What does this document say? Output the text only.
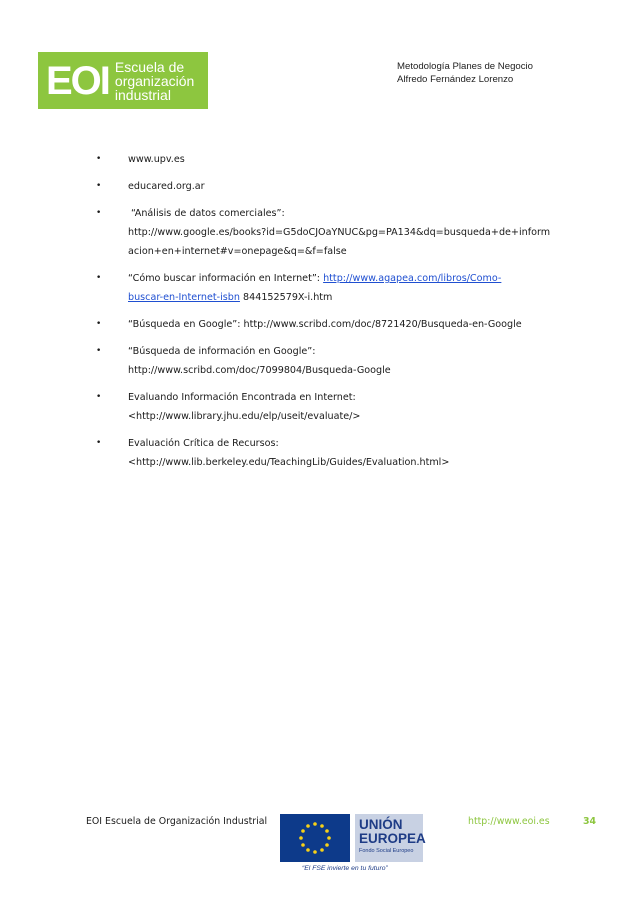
EOI Escuela de
organización
industrial
Metodología Planes de Negocio
Alfredo Fernández Lorenzo
•	www.upv.es
•	educared.org.ar
•	“Análisis de datos comerciales”:
http://www.google.es/books?id=G5doCJOaYNUC&pg=PA134&dq=busqueda+de+inform
acion+en+internet#v=onepage&q=&f=false
•	“Cómo buscar información en Internet”: http://www.agapea.com/libros/Como-
buscar-en-Internet-isbn 844152579X-i.htm
•	“Búsqueda en Google”: http://www.scribd.com/doc/8721420/Busqueda-en-Google
•	“Búsqueda de información en Google”:
http://www.scribd.com/doc/7099804/Busqueda-Google
•	Evaluando Información Encontrada en Internet:
<http://www.library.jhu.edu/elp/useit/evaluate/>
•	Evaluación Crítica de Recursos:
<http://www.lib.berkeley.edu/TeachingLib/Guides/Evaluation.html>
EOI Escuela de Organización Industrial	UNIÓN
EUROPEA
Fondo Social Europeo
“El FSE invierte en tu futuro”
http://www.eoi.es	34
